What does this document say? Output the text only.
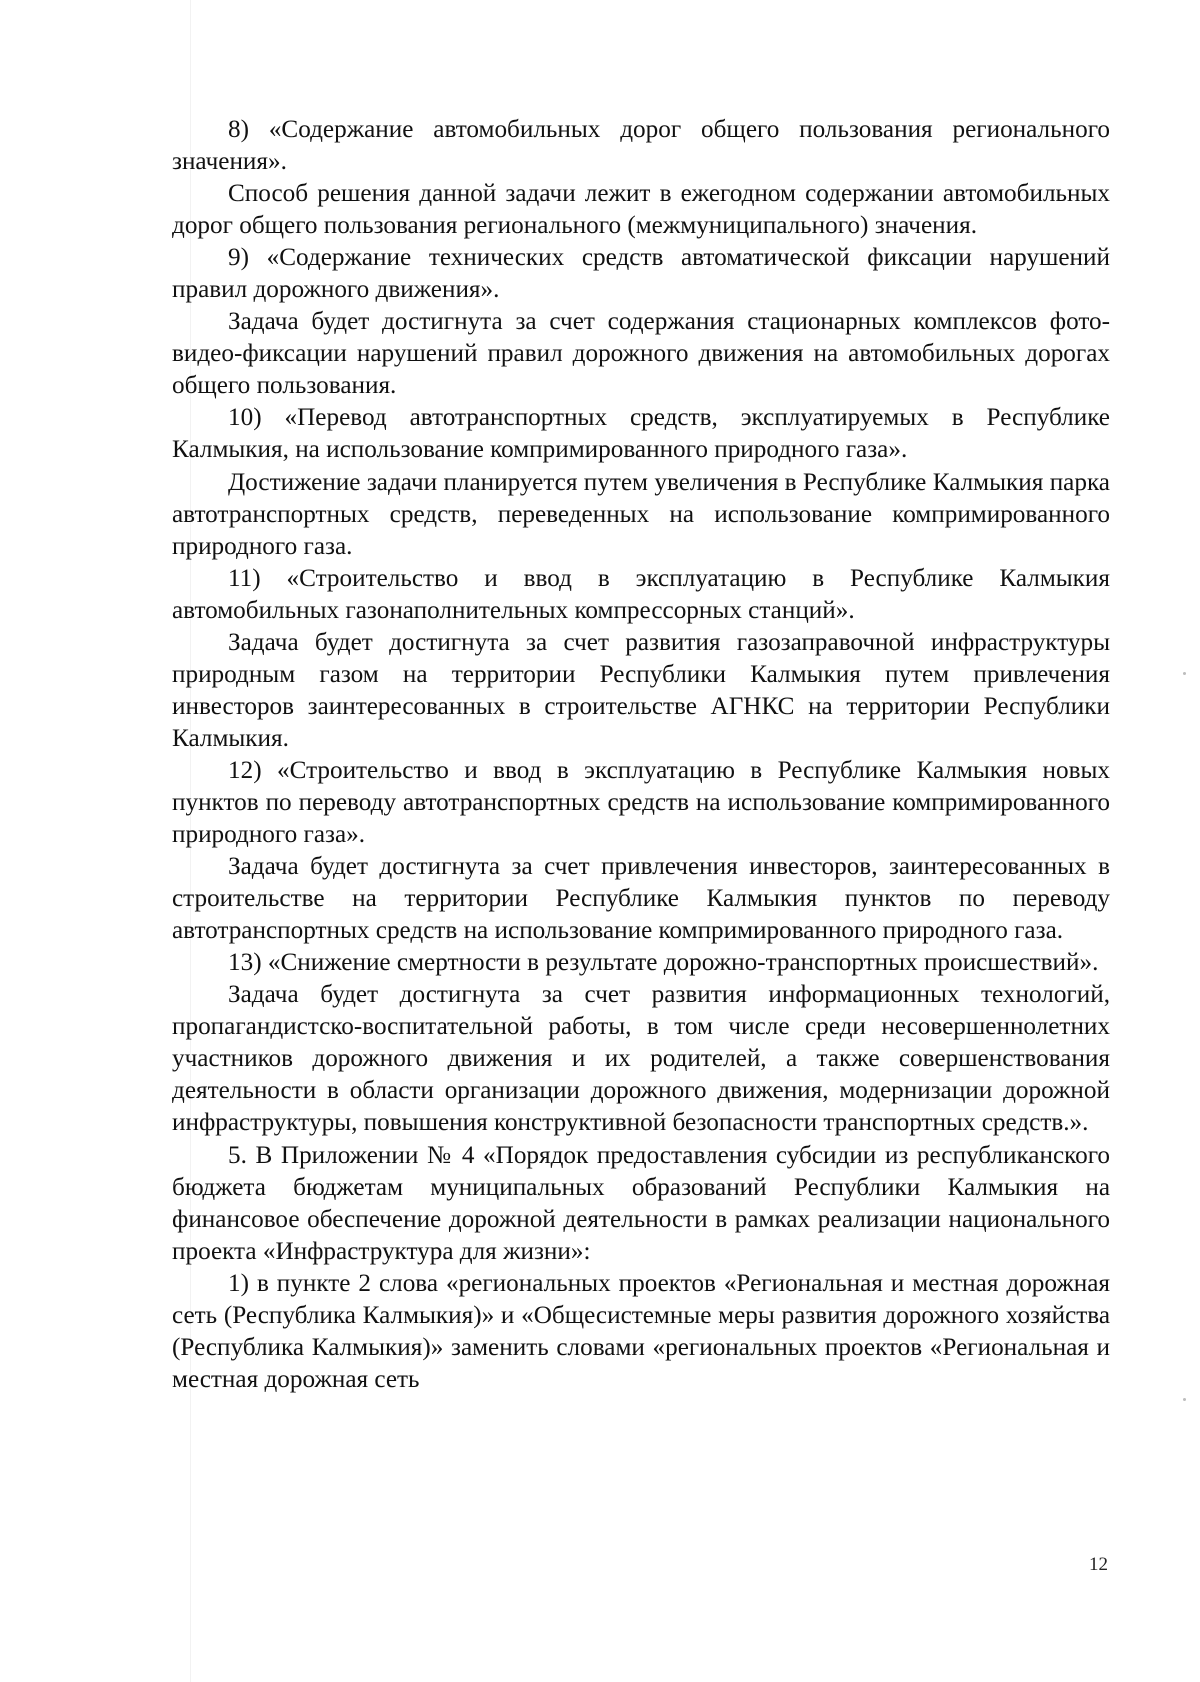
8) «Содержание автомобильных дорог общего пользования регионального значения».

Способ решения данной задачи лежит в ежегодном содержании автомобильных дорог общего пользования регионального (межмуниципального) значения.

9) «Содержание технических средств автоматической фиксации нарушений правил дорожного движения».

Задача будет достигнута за счет содержания стационарных комплексов фото-видео-фиксации нарушений правил дорожного движения на автомобильных дорогах общего пользования.

10) «Перевод автотранспортных средств, эксплуатируемых в Республике Калмыкия, на использование компримированного природного газа».

Достижение задачи планируется путем увеличения в Республике Калмыкия парка автотранспортных средств, переведенных на использование компримированного природного газа.

11) «Строительство и ввод в эксплуатацию в Республике Калмыкия автомобильных газонаполнительных компрессорных станций».

Задача будет достигнута за счет развития газозаправочной инфраструктуры природным газом на территории Республики Калмыкия путем привлечения инвесторов заинтересованных в строительстве АГНКС на территории Республики Калмыкия.

12) «Строительство и ввод в эксплуатацию в Республике Калмыкия новых пунктов по переводу автотранспортных средств на использование компримированного природного газа».

Задача будет достигнута за счет привлечения инвесторов, заинтересованных в строительстве на территории Республике Калмыкия пунктов по переводу автотранспортных средств на использование компримированного природного газа.

13) «Снижение смертности в результате дорожно-транспортных происшествий».

Задача будет достигнута за счет развития информационных технологий, пропагандистско-воспитательной работы, в том числе среди несовершеннолетних участников дорожного движения и их родителей, а также совершенствования деятельности в области организации дорожного движения, модернизации дорожной инфраструктуры, повышения конструктивной безопасности транспортных средств.».

5. В Приложении № 4 «Порядок предоставления субсидии из республиканского бюджета бюджетам муниципальных образований Республики Калмыкия на финансовое обеспечение дорожной деятельности в рамках реализации национального проекта «Инфраструктура для жизни»:

1) в пункте 2 слова «региональных проектов «Региональная и местная дорожная сеть (Республика Калмыкия)» и «Общесистемные меры развития дорожного хозяйства (Республика Калмыкия)» заменить словами «региональных проектов «Региональная и местная дорожная сеть

12
